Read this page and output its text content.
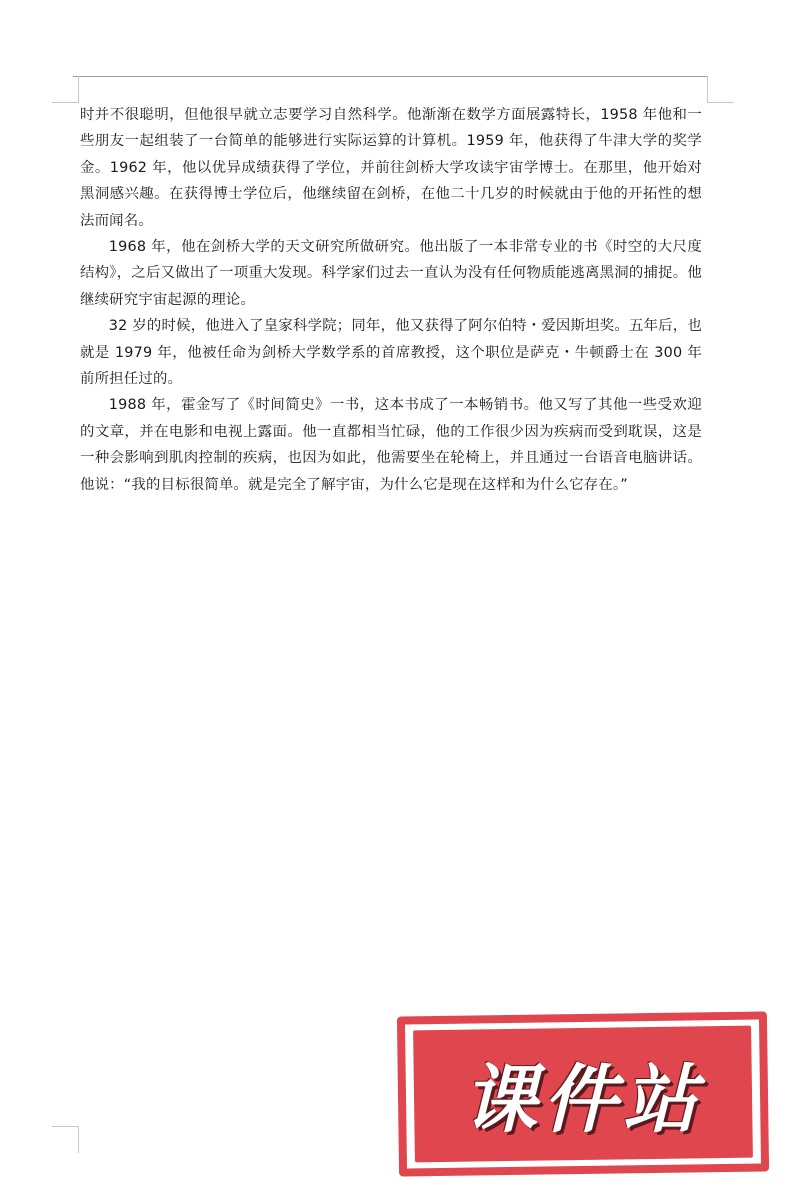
时并不很聪明，但他很早就立志要学习自然科学。他渐渐在数学方面展露特长，1958 年他和一些朋友一起组装了一台简单的能够进行实际运算的计算机。1959 年，他获得了牛津大学的奖学金。1962 年，他以优异成绩获得了学位，并前往剑桥大学攻读宇宙学博士。在那里，他开始对黑洞感兴趣。在获得博士学位后，他继续留在剑桥，在他二十几岁的时候就由于他的开拓性的想法而闻名。

1968 年，他在剑桥大学的天文研究所做研究。他出版了一本非常专业的书《时空的大尺度结构》，之后又做出了一项重大发现。科学家们过去一直认为没有任何物质能逃离黑洞的捕捉。他继续研究宇宙起源的理论。

32 岁的时候，他进入了皇家科学院；同年，他又获得了阿尔伯特・爱因斯坦奖。五年后，也就是 1979 年，他被任命为剑桥大学数学系的首席教授，这个职位是萨克・牛顿爵士在 300 年前所担任过的。

1988 年，霍金写了《时间简史》一书，这本书成了一本畅销书。他又写了其他一些受欢迎的文章，并在电影和电视上露面。他一直都相当忙碌，他的工作很少因为疾病而受到耽误，这是一种会影响到肌肉控制的疾病，也因为如此，他需要坐在轮椅上，并且通过一台语音电脑讲话。他说：“我的目标很简单。就是完全了解宇宙，为什么它是现在这样和为什么它存在。”

课件站
